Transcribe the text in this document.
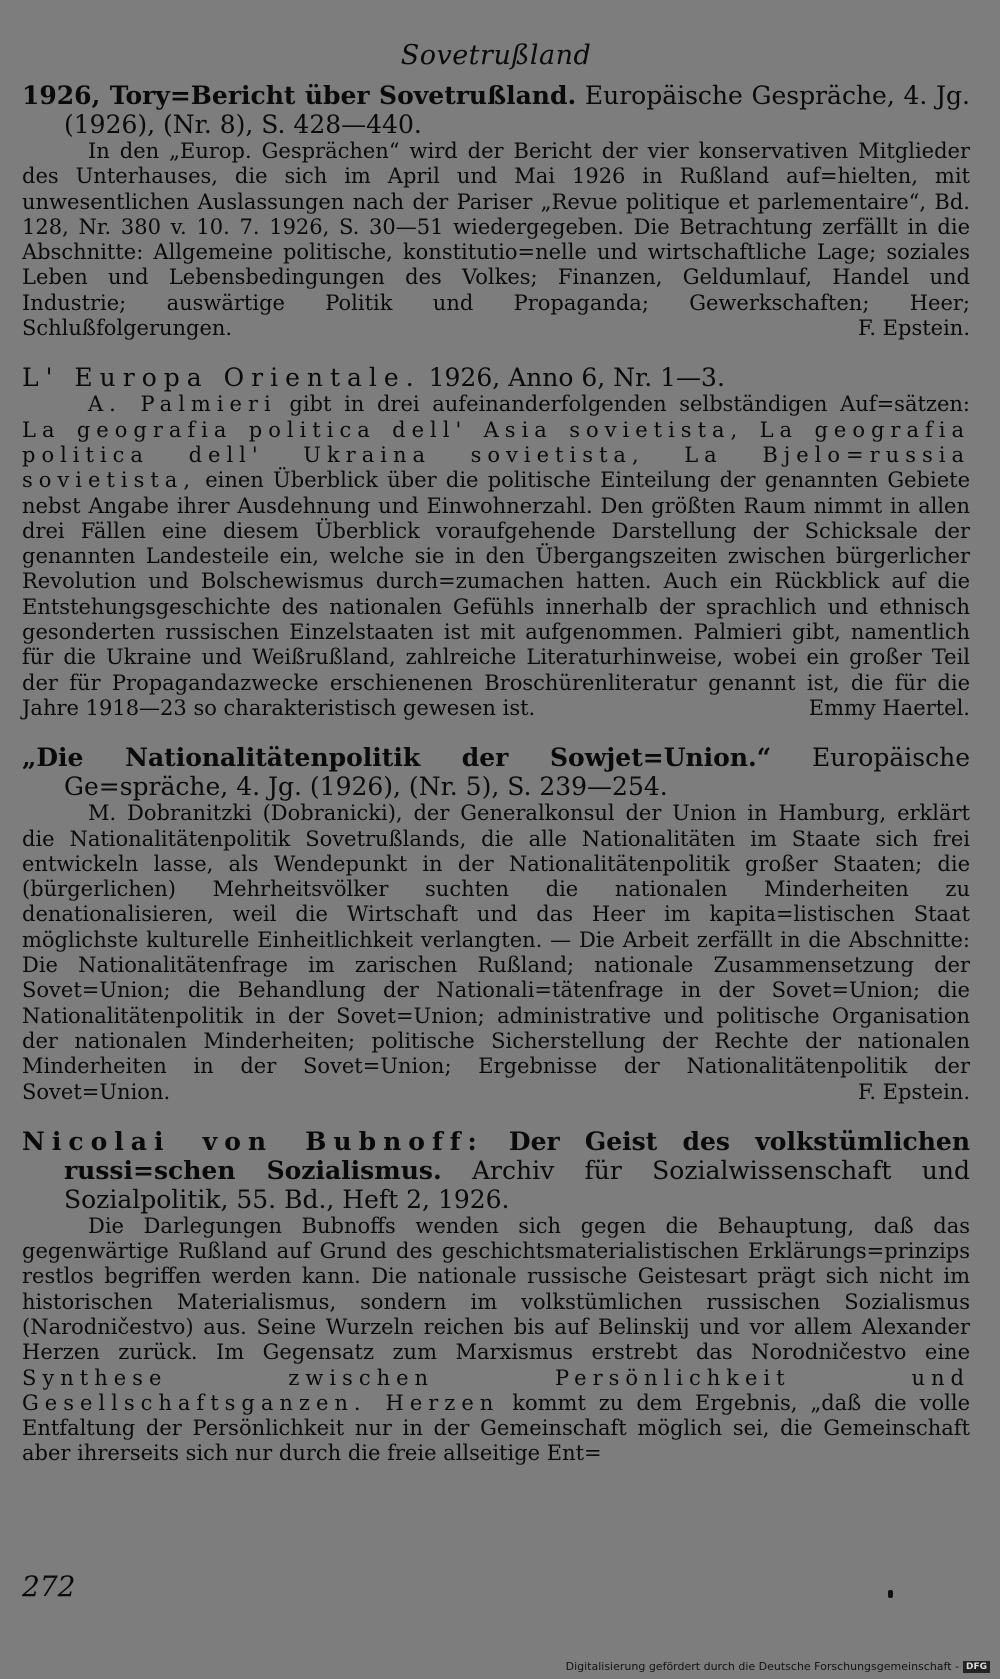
Sovetrußland

1926, Tory=Bericht über Sovetrußland. Europäische Gespräche, 4. Jg. (1926), (Nr. 8), S. 428—440.

In den „Europ. Gesprächen“ wird der Bericht der vier konservativen Mitglieder des Unterhauses, die sich im April und Mai 1926 in Rußland auf=hielten, mit unwesentlichen Auslassungen nach der Pariser „Revue politique et parlementaire“, Bd. 128, Nr. 380 v. 10. 7. 1926, S. 30—51 wiedergegeben. Die Betrachtung zerfällt in die Abschnitte: Allgemeine politische, konstitutio=nelle und wirtschaftliche Lage; soziales Leben und Lebensbedingungen des Volkes; Finanzen, Geldumlauf, Handel und Industrie; auswärtige Politik und Propaganda; Gewerkschaften; Heer; Schlußfolgerungen.	F. Epstein.

L' Europa Orientale. 1926, Anno 6, Nr. 1—3.

A. Palmieri gibt in drei aufeinanderfolgenden selbständigen Auf=sätzen: La geografia politica dell' Asia sovietista, La geografia politica dell' Ukraina sovietista, La Bjelo=russia sovietista, einen Überblick über die politische Einteilung der genannten Gebiete nebst Angabe ihrer Ausdehnung und Einwohnerzahl. Den größten Raum nimmt in allen drei Fällen eine diesem Überblick voraufgehende Darstellung der Schicksale der genannten Landesteile ein, welche sie in den Übergangszeiten zwischen bürgerlicher Revolution und Bolschewismus durch=zumachen hatten. Auch ein Rückblick auf die Entstehungsgeschichte des nationalen Gefühls innerhalb der sprachlich und ethnisch gesonderten russischen Einzelstaaten ist mit aufgenommen. Palmieri gibt, namentlich für die Ukraine und Weißrußland, zahlreiche Literaturhinweise, wobei ein großer Teil der für Propagandazwecke erschienenen Broschürenliteratur genannt ist, die für die Jahre 1918—23 so charakteristisch gewesen ist.	Emmy Haertel.

„Die Nationalitätenpolitik der Sowjet=Union.“ Europäische Ge=spräche, 4. Jg. (1926), (Nr. 5), S. 239—254.

M. Dobranitzki (Dobranicki), der Generalkonsul der Union in Hamburg, erklärt die Nationalitätenpolitik Sovetrußlands, die alle Nationalitäten im Staate sich frei entwickeln lasse, als Wendepunkt in der Nationalitätenpolitik großer Staaten; die (bürgerlichen) Mehrheitsvölker suchten die nationalen Minderheiten zu denationalisieren, weil die Wirtschaft und das Heer im kapita=listischen Staat möglichste kulturelle Einheitlichkeit verlangten. — Die Arbeit zerfällt in die Abschnitte: Die Nationalitätenfrage im zarischen Rußland; nationale Zusammensetzung der Sovet=Union; die Behandlung der Nationali=tätenfrage in der Sovet=Union; die Nationalitätenpolitik in der Sovet=Union; administrative und politische Organisation der nationalen Minderheiten; politische Sicherstellung der Rechte der nationalen Minderheiten in der Sovet=Union; Ergebnisse der Nationalitätenpolitik der Sovet=Union.	F. Epstein.

Nicolai von Bubnoff: Der Geist des volkstümlichen russi=schen Sozialismus. Archiv für Sozialwissenschaft und Sozialpolitik, 55. Bd., Heft 2, 1926.

Die Darlegungen Bubnoffs wenden sich gegen die Behauptung, daß das gegenwärtige Rußland auf Grund des geschichtsmaterialistischen Erklärungs=prinzips restlos begriffen werden kann. Die nationale russische Geistesart prägt sich nicht im historischen Materialismus, sondern im volkstümlichen russischen Sozialismus (Narodničestvo) aus. Seine Wurzeln reichen bis auf Belinskij und vor allem Alexander Herzen zurück. Im Gegensatz zum Marxismus erstrebt das Norodničestvo eine Synthese zwischen Persönlichkeit und Gesellschaftsganzen. Herzen kommt zu dem Ergebnis, „daß die volle Entfaltung der Persönlichkeit nur in der Gemeinschaft möglich sei, die Gemeinschaft aber ihrerseits sich nur durch die freie allseitige Ent=

272
Digitalisierung gefördert durch die Deutsche Forschungsgemeinschaft - DFG
